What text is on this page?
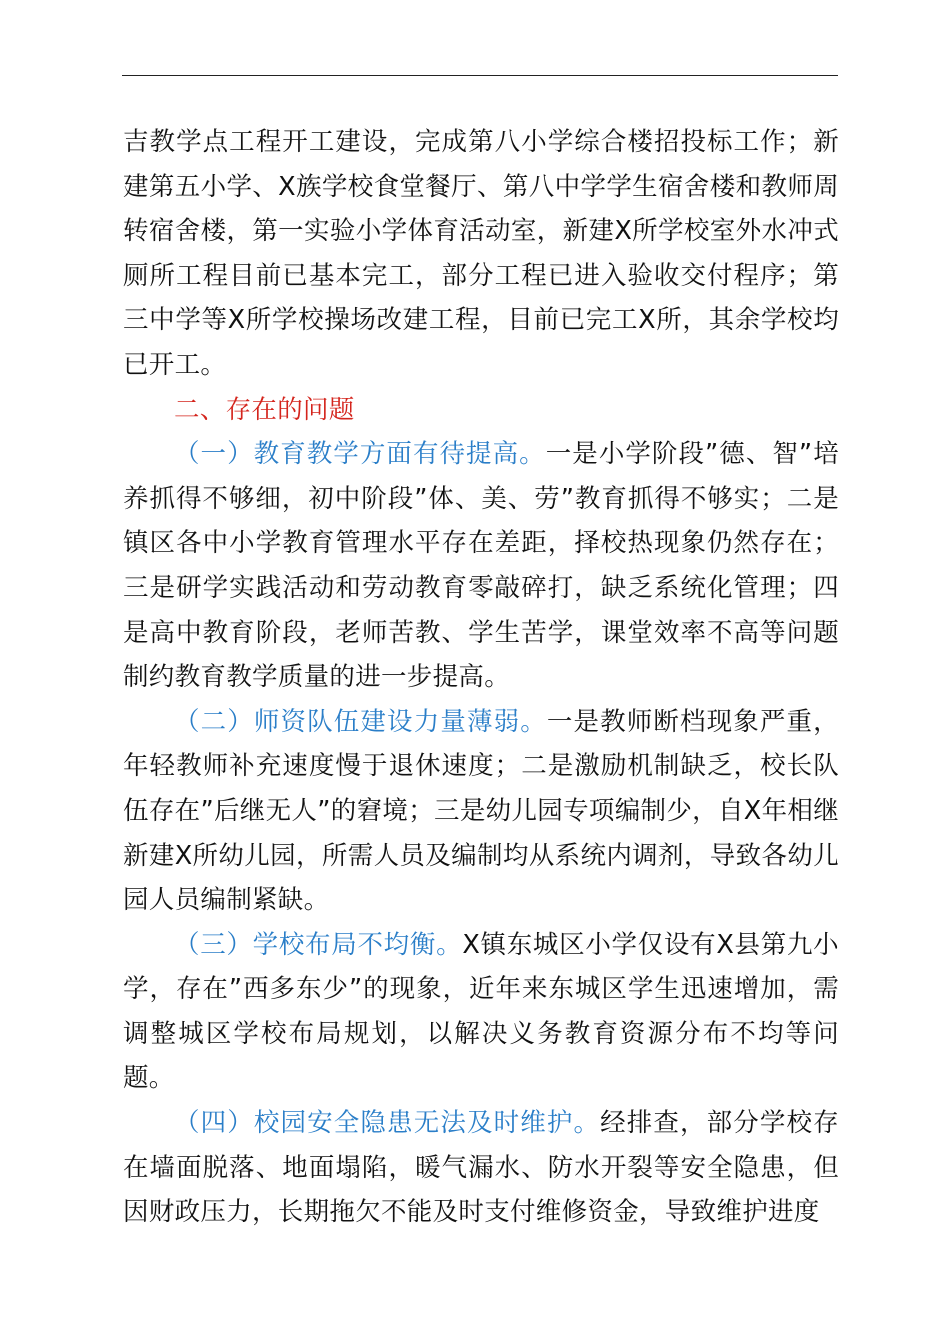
吉教学点工程开工建设，完成第八小学综合楼招投标工作；新建第五小学、X族学校食堂餐厅、第八中学学生宿舍楼和教师周转宿舍楼，第一实验小学体育活动室，新建X所学校室外水冲式厕所工程目前已基本完工，部分工程已进入验收交付程序；第三中学等X所学校操场改建工程，目前已完工X所，其余学校均已开工。

二、存在的问题

（一）教育教学方面有待提高。一是小学阶段”德、智”培养抓得不够细，初中阶段”体、美、劳”教育抓得不够实；二是镇区各中小学教育管理水平存在差距，择校热现象仍然存在；三是研学实践活动和劳动教育零敲碎打，缺乏系统化管理；四是高中教育阶段，老师苦教、学生苦学，课堂效率不高等问题制约教育教学质量的进一步提高。

（二）师资队伍建设力量薄弱。一是教师断档现象严重，年轻教师补充速度慢于退休速度；二是激励机制缺乏，校长队伍存在”后继无人”的窘境；三是幼儿园专项编制少，自X年相继新建X所幼儿园，所需人员及编制均从系统内调剂，导致各幼儿园人员编制紧缺。

（三）学校布局不均衡。X镇东城区小学仅设有X县第九小学，存在”西多东少”的现象，近年来东城区学生迅速增加，需调整城区学校布局规划，以解决义务教育资源分布不均等问题。

（四）校园安全隐患无法及时维护。经排查，部分学校存在墙面脱落、地面塌陷，暖气漏水、防水开裂等安全隐患，但因财政压力，长期拖欠不能及时支付维修资金，导致维护进度
